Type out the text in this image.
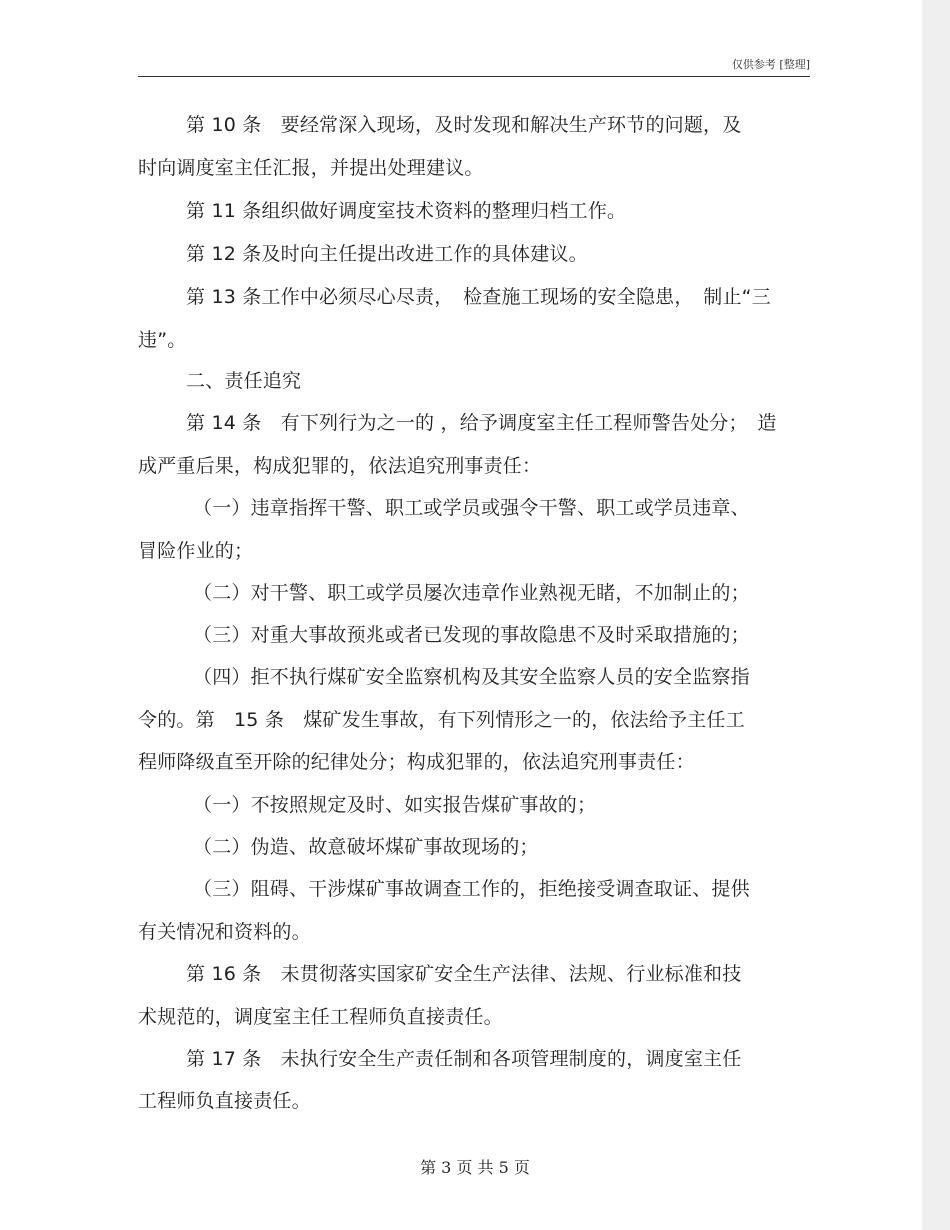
仅供参考 [整理]
第 10 条　要经常深入现场，及时发现和解决生产环节的问题，及
时向调度室主任汇报，并提出处理建议。
第 11 条组织做好调度室技术资料的整理归档工作。
第 12 条及时向主任提出改进工作的具体建议。
第 13 条工作中必须尽心尽责，　检查施工现场的安全隐患，　制止“三
违”。
二、责任追究
第 14 条　有下列行为之一的 ，给予调度室主任工程师警告处分；　造
成严重后果，构成犯罪的，依法追究刑事责任：
（一）违章指挥干警、职工或学员或强令干警、职工或学员违章、
冒险作业的；
（二）对干警、职工或学员屡次违章作业熟视无睹，不加制止的；
（三）对重大事故预兆或者已发现的事故隐患不及时采取措施的；
（四）拒不执行煤矿安全监察机构及其安全监察人员的安全监察指
令的。第　15 条　煤矿发生事故，有下列情形之一的，依法给予主任工
程师降级直至开除的纪律处分；构成犯罪的，依法追究刑事责任：
（一）不按照规定及时、如实报告煤矿事故的；
（二）伪造、故意破坏煤矿事故现场的；
（三）阻碍、干涉煤矿事故调查工作的，拒绝接受调查取证、提供
有关情况和资料的。
第 16 条　未贯彻落实国家矿安全生产法律、法规、行业标准和技
术规范的，调度室主任工程师负直接责任。
第 17 条　未执行安全生产责任制和各项管理制度的，调度室主任
工程师负直接责任。
第 3 页 共 5 页
